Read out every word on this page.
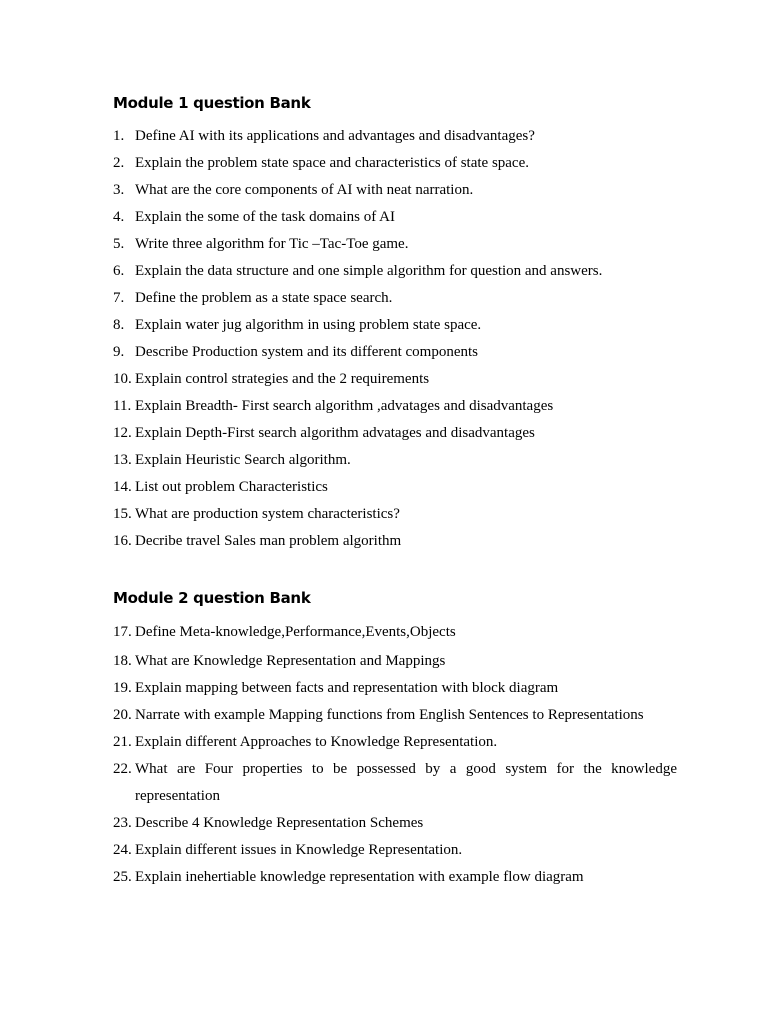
Module 1 question Bank
1. Define AI with its applications and advantages and disadvantages?
2. Explain the problem state space and characteristics of state space.
3. What are the core components of AI with neat narration.
4. Explain the some of the task domains of AI
5. Write three algorithm for Tic –Tac-Toe game.
6. Explain the data structure and one simple algorithm for question and answers.
7. Define the problem as a state space search.
8. Explain water jug algorithm in using problem state space.
9. Describe Production system and its different components
10. Explain control strategies and the 2 requirements
11. Explain Breadth- First search algorithm ,advatages and disadvantages
12. Explain Depth-First search algorithm advatages and disadvantages
13. Explain Heuristic Search algorithm.
14. List out problem Characteristics
15. What are production system characteristics?
16. Decribe travel Sales man problem algorithm
Module 2 question Bank
17. Define Meta-knowledge,Performance,Events,Objects
18. What are Knowledge Representation and Mappings
19. Explain mapping between facts and representation with block diagram
20. Narrate with example Mapping functions from English Sentences to Representations
21. Explain different Approaches to Knowledge Representation.
22. What are Four properties to be possessed by a good system for the knowledge representation
23. Describe 4 Knowledge Representation Schemes
24. Explain different issues in Knowledge Representation.
25. Explain inehertiable knowledge representation with example flow diagram
